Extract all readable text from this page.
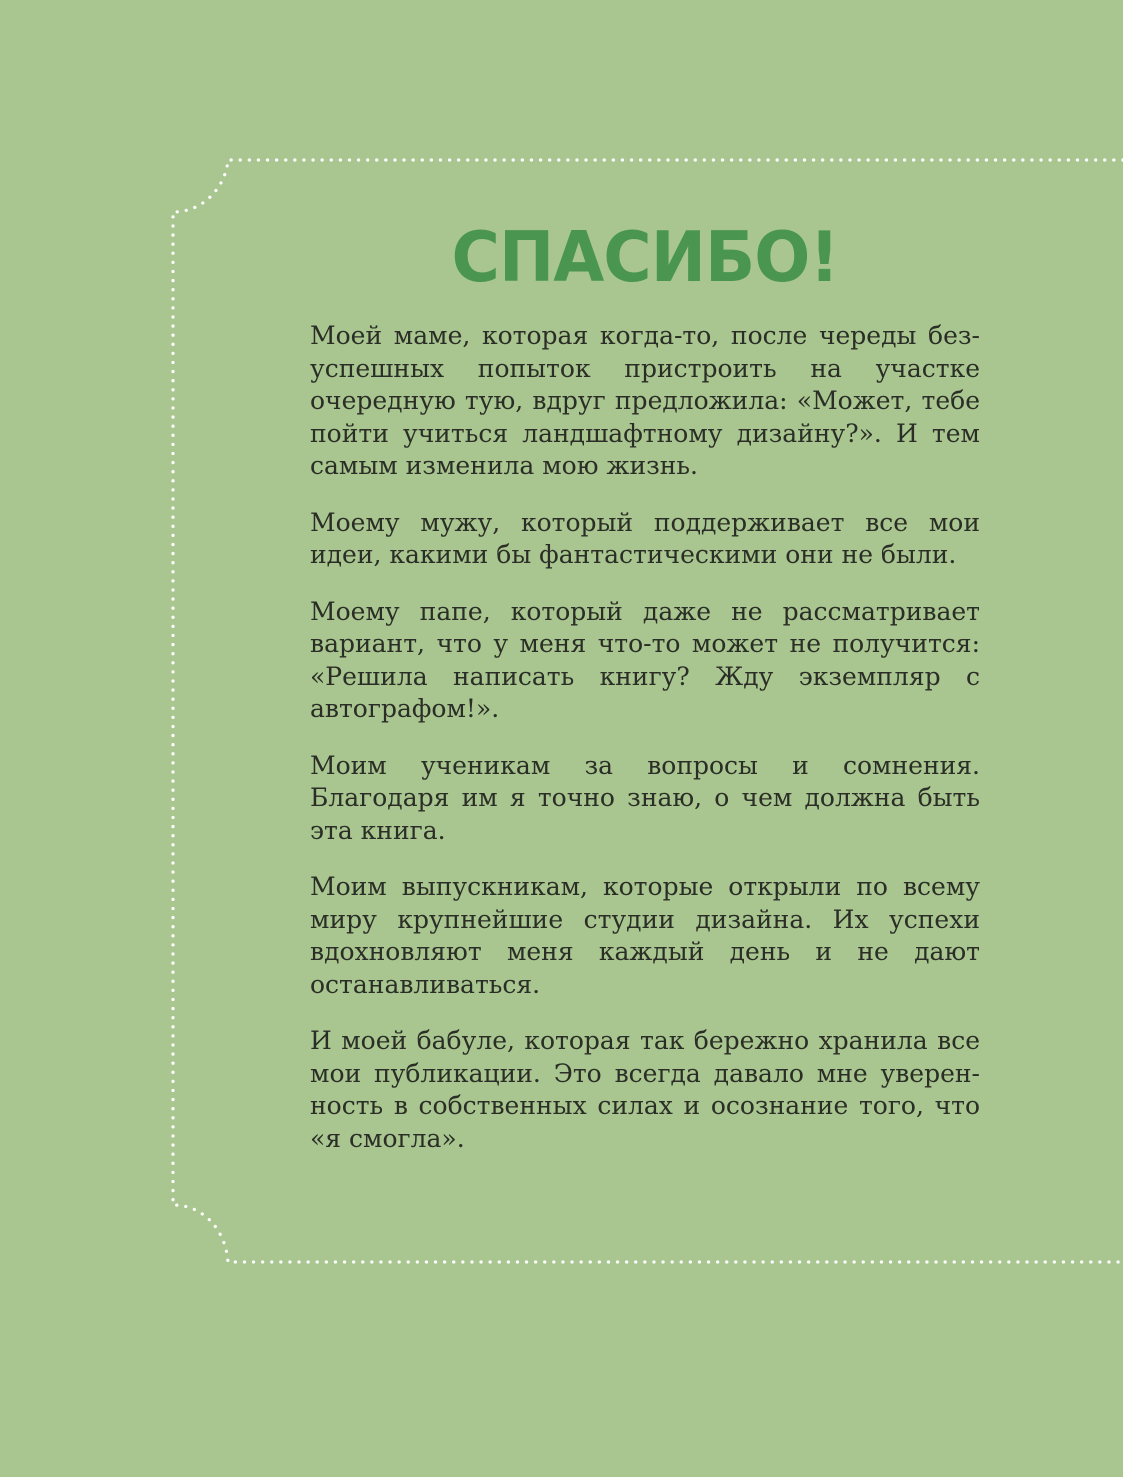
СПАСИБО!

Моей маме, которая когда-то, после череды безуспешных попыток пристроить на участке очередную тую, вдруг предложила: «Может, тебе пойти учиться ландшафтному дизайну?». И тем самым изменила мою жизнь.

Моему мужу, который поддерживает все мои идеи, какими бы фантастическими они не были.

Моему папе, который даже не рассматривает вариант, что у меня что-то может не получится: «Решила написать книгу? Жду экземпляр с автографом!».

Моим ученикам за вопросы и сомнения. Благодаря им я точно знаю, о чем должна быть эта книга.

Моим выпускникам, которые открыли по всему миру крупнейшие студии дизайна. Их успехи вдохновляют меня каждый день и не дают останавливаться.

И моей бабуле, которая так бережно хранила все мои публикации. Это всегда давало мне уверенность в собственных силах и осознание того, что «я смогла».
